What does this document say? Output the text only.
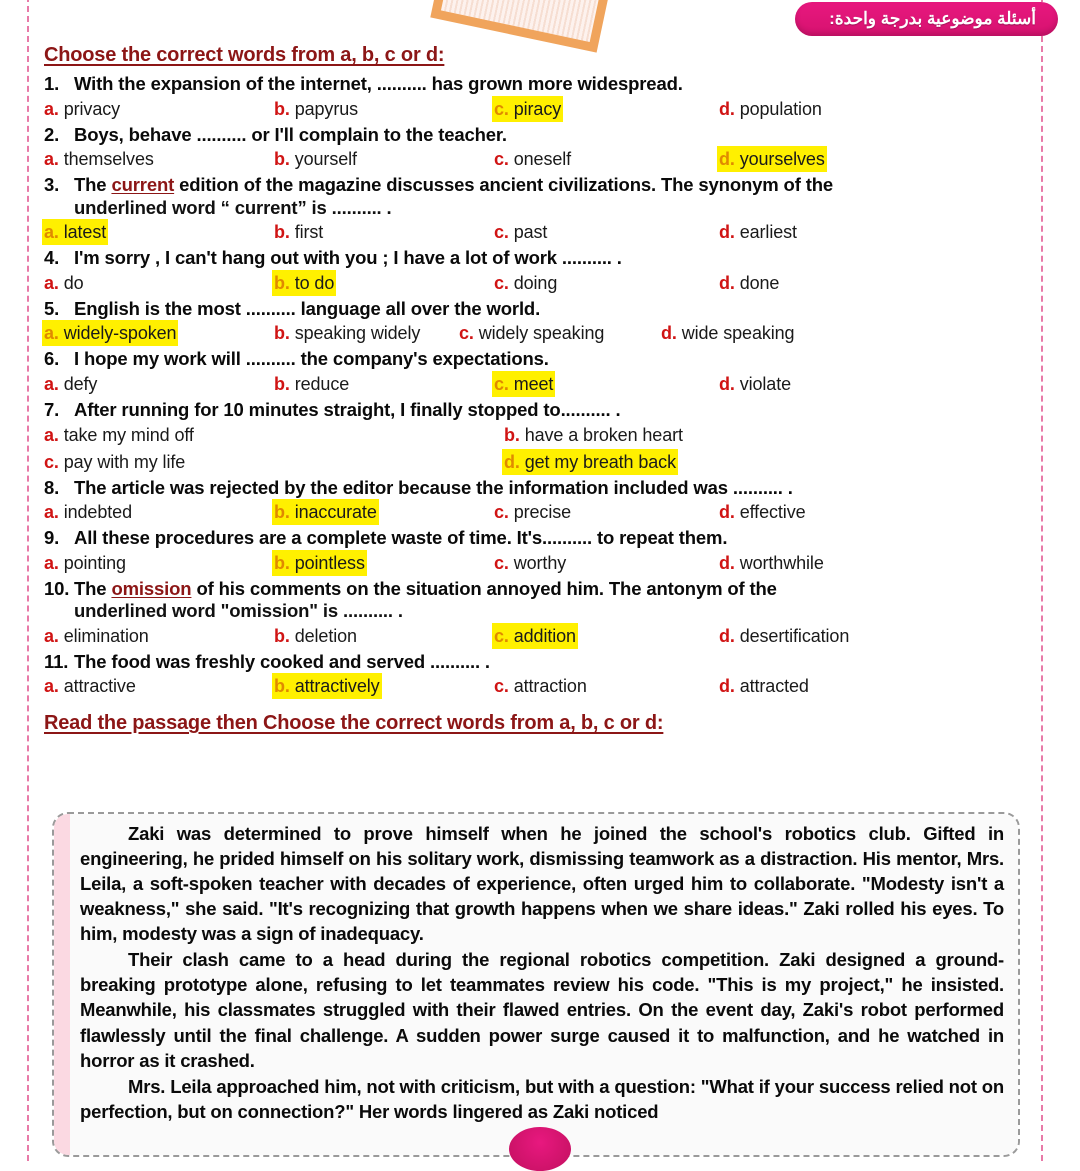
أسئلة موضوعية بدرجة واحدة:
Choose the correct words from a, b, c or d:
1. With the expansion of the internet, .......... has grown more widespread.
a. privacy	b. papyrus	c. piracy	d. population
2. Boys, behave .......... or I'll complain to the teacher.
a. themselves	b. yourself	c. oneself	d. yourselves
3. The current edition of the magazine discusses ancient civilizations. The synonym of the
underlined word “ current” is .......... .
a. latest	b. first	c. past	d. earliest
4. I'm sorry , I can't hang out with you ; I have a lot of work .......... .
a. do	b. to do	c. doing	d. done
5. English is the most .......... language all over the world.
a. widely-spoken	b. speaking widely c. widely speaking	d. wide speaking
6. I hope my work will .......... the company's expectations.
a. defy	b. reduce	c. meet	d. violate
7. After running for 10 minutes straight, I finally stopped to.......... .
a. take my mind off	b. have a broken heart
c. pay with my life	d. get my breath back
8. The article was rejected by the editor because the information included was .......... .
a. indebted	b. inaccurate	c. precise	d. effective
9. All these procedures are a complete waste of time. It's.......... to repeat them.
a. pointing	b. pointless	c. worthy	d. worthwhile
10. The omission of his comments on the situation annoyed him. The antonym of the
underlined word "omission" is .......... .
a. elimination	b. deletion	c. addition	d. desertification
11. The food was freshly cooked and served .......... .
a. attractive	b. attractively	c. attraction	d. attracted
Read the passage then Choose the correct words from a, b, c or d:

Zaki was determined to prove himself when he joined the school's robotics club. Gifted in engineering, he prided himself on his solitary work, dismissing teamwork as a distraction. His mentor, Mrs. Leila, a soft-spoken teacher with decades of experience, often urged him to collaborate. "Modesty isn't a weakness," she said. "It's recognizing that growth happens when we share ideas." Zaki rolled his eyes. To him, modesty was a sign of inadequacy.

Their clash came to a head during the regional robotics competition. Zaki designed a ground-breaking prototype alone, refusing to let teammates review his code. "This is my project," he insisted. Meanwhile, his classmates struggled with their flawed entries. On the event day, Zaki's robot performed flawlessly until the final challenge. A sudden power surge caused it to malfunction, and he watched in horror as it crashed.

Mrs. Leila approached him, not with criticism, but with a question: "What if your success relied not on perfection, but on connection?" Her words lingered as Zaki noticed
